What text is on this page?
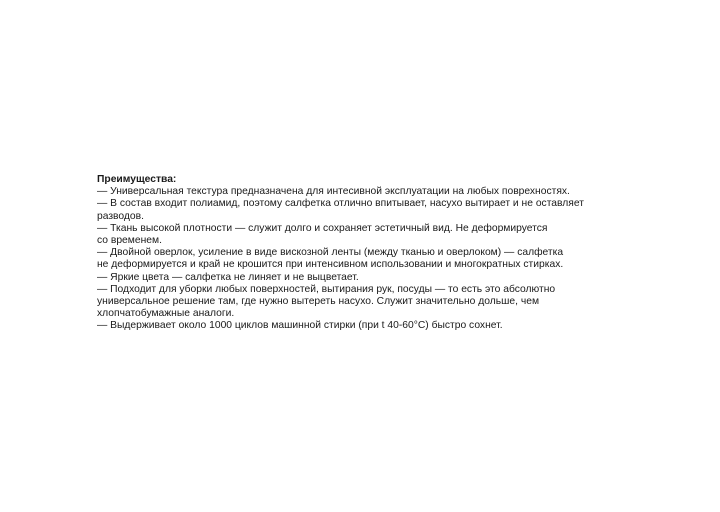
Преимущества:

— Универсальная текстура предназначена для интесивной эксплуатации на любых поврехностях.
— В состав входит полиамид, поэтому салфетка отлично впитывает, насухо вытирает и не оставляет
разводов.
— Ткань высокой плотности — служит долго и сохраняет эстетичный вид. Не деформируется
со временем.
— Двойной оверлок, усиление в виде вискозной ленты (между тканью и оверлоком) — салфетка
не деформируется и край не крошится при интенсивном использовании и многократных стирках.
— Яркие цвета — салфетка не линяет и не выцветает.
— Подходит для уборки любых поверхностей, вытирания рук, посуды — то есть это абсолютно
универсальное решение там, где нужно вытереть насухо. Служит значительно дольше, чем
хлопчатобумажные аналоги.
— Выдерживает около 1000 циклов машинной стирки (при t 40-60°C) быстро сохнет.
